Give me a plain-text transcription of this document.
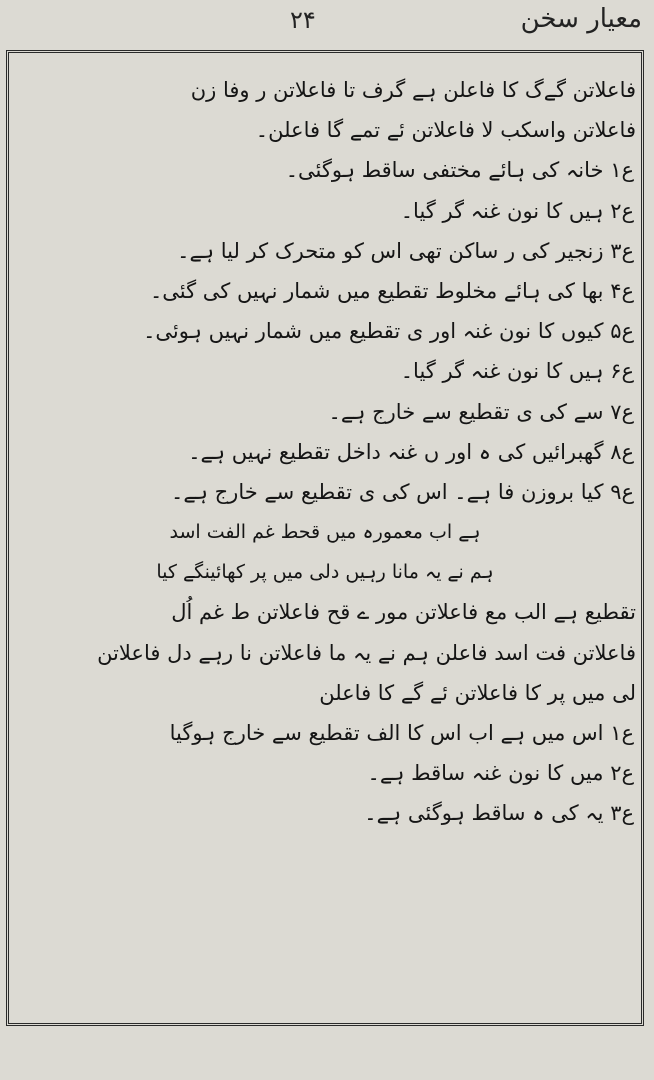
معیار سخن
۲۴
فاعلاتن گےگ کا فاعلن ہے گرف تا فاعلاتن ر وفا زن
فاعلاتن واسکب لا فاعلاتن ئے تمے گا فاعلن۔
ع۱ خانہ کی ہائے مختفی ساقط ہوگئی۔
ع۲ ہیں کا نون غنہ گر گیا۔
ع۳ زنجیر کی ر ساکن تھی اس کو متحرک کر لیا ہے۔
ع۴ بھا کی ہائے مخلوط تقطیع میں شمار نہیں کی گئی۔
ع۵ کیوں کا نون غنہ اور ی تقطیع میں شمار نہیں ہوئی۔
ع۶ ہیں کا نون غنہ گر گیا۔
ع۷ سے کی ی تقطیع سے خارج ہے۔
ع۸ گھبرائیں کی ہ اور ں غنہ داخل تقطیع نہیں ہے۔
ع۹ کیا بروزن فا ہے۔ اس کی ی تقطیع سے خارج ہے۔
ہے اب معمورہ میں قحط غم الفت اسد
ہم نے یہ مانا رہیں دلی میں پر کھائینگے کیا
تقطیع ہے الب مع فاعلاتن مور ے قح فاعلاتن ط غم اُل
فاعلاتن فت اسد فاعلن ہم نے یہ ما فاعلاتن نا رہے دل فاعلاتن
لی میں پر کا فاعلاتن ئے گے کا فاعلن
ع۱ اس میں ہے اب اس کا الف تقطیع سے خارج ہوگیا
ع۲ میں کا نون غنہ ساقط ہے۔
ع۳ یہ کی ہ ساقط ہوگئی ہے۔
